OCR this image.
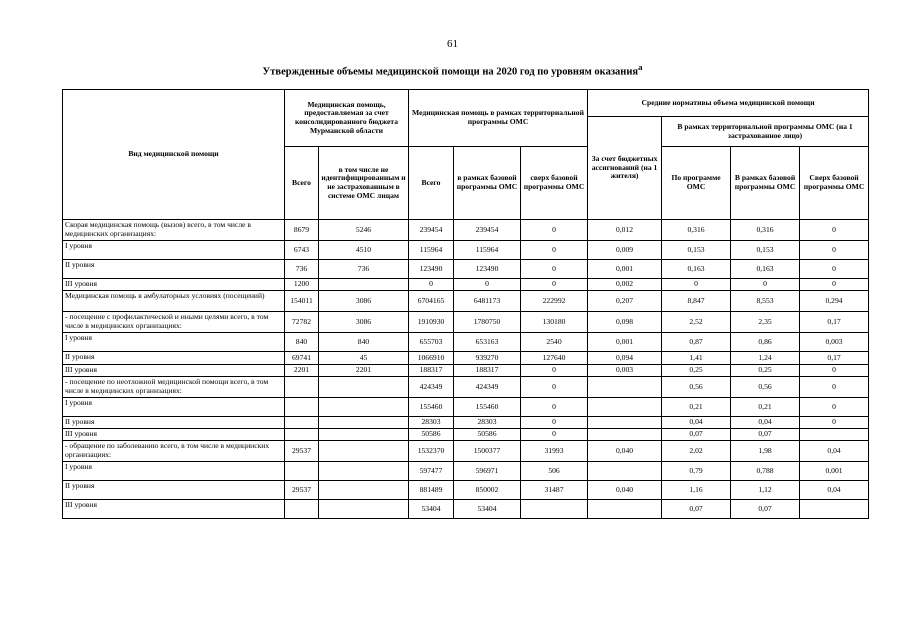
61
Утвержденные объемы медицинской помощи на 2020 год по уровням оказания$^а$
Вид медицинской помощи	Медицинская помощь, предоставляемая за счет консолидированного бюджета Мурманской области		Медицинская помощь в рамках территориальной программы ОМС			Средние нормативы объема медицинской помощи			
						За счет бюджетных ассигнований (на 1 жителя)	В рамках территориальной программы ОМС (на 1 застрахованное лицо)		
	Всего	в том числе не идентифицированным и не застрахованным в системе ОМС лицам	Всего	в рамках базовой программы ОМС	сверх базовой программы ОМС		По программе ОМС	В рамках базовой программы ОМС	Сверх базовой программы ОМС
Скорая медицинская помощь (вызов) всего, в том числе в медицинских организациях:	8679	5246	239454	239454	0	0,012	0,316	0,316	0
I уровня	6743	4510	115964	115964	0	0,009	0,153	0,153	0
II уровня	736	736	123490	123490	0	0,001	0,163	0,163	0
III уровня	1200		0	0	0	0,002	0	0	0
Медицинская помощь в амбулаторных условиях (посещений)	154011	3086	6704165	6481173	222992	0,207	8,847	8,553	0,294
- посещение с профилактической и иными целями всего, в том числе в медицинских организациях:	72782	3086	1910930	1780750	130180	0,098	2,52	2,35	0,17
I уровня	840	840	655703	653163	2540	0,001	0,87	0,86	0,003
II уровня	69741	45	1066910	939270	127640	0,094	1,41	1,24	0,17
III уровня	2201	2201	188317	188317	0	0,003	0,25	0,25	0
- посещение по неотложной медицинской помощи всего, в том числе в медицинских организациях:			424349	424349	0		0,56	0,56	0
I уровня			155460	155460	0		0,21	0,21	0
II уровня			28303	28303	0		0,04	0,04	0
III уровня			50586	50586	0		0,07	0,07	
- обращение по заболеванию всего, в том числе в медицинских организациях:	29537		1532370	1500377	31993	0,040	2,02	1,98	0,04
I уровня			597477	596971	506		0,79	0,788	0,001
II уровня	29537		881489	850002	31487	0,040	1,16	1,12	0,04
III уровня			53404	53404			0,07	0,07	
